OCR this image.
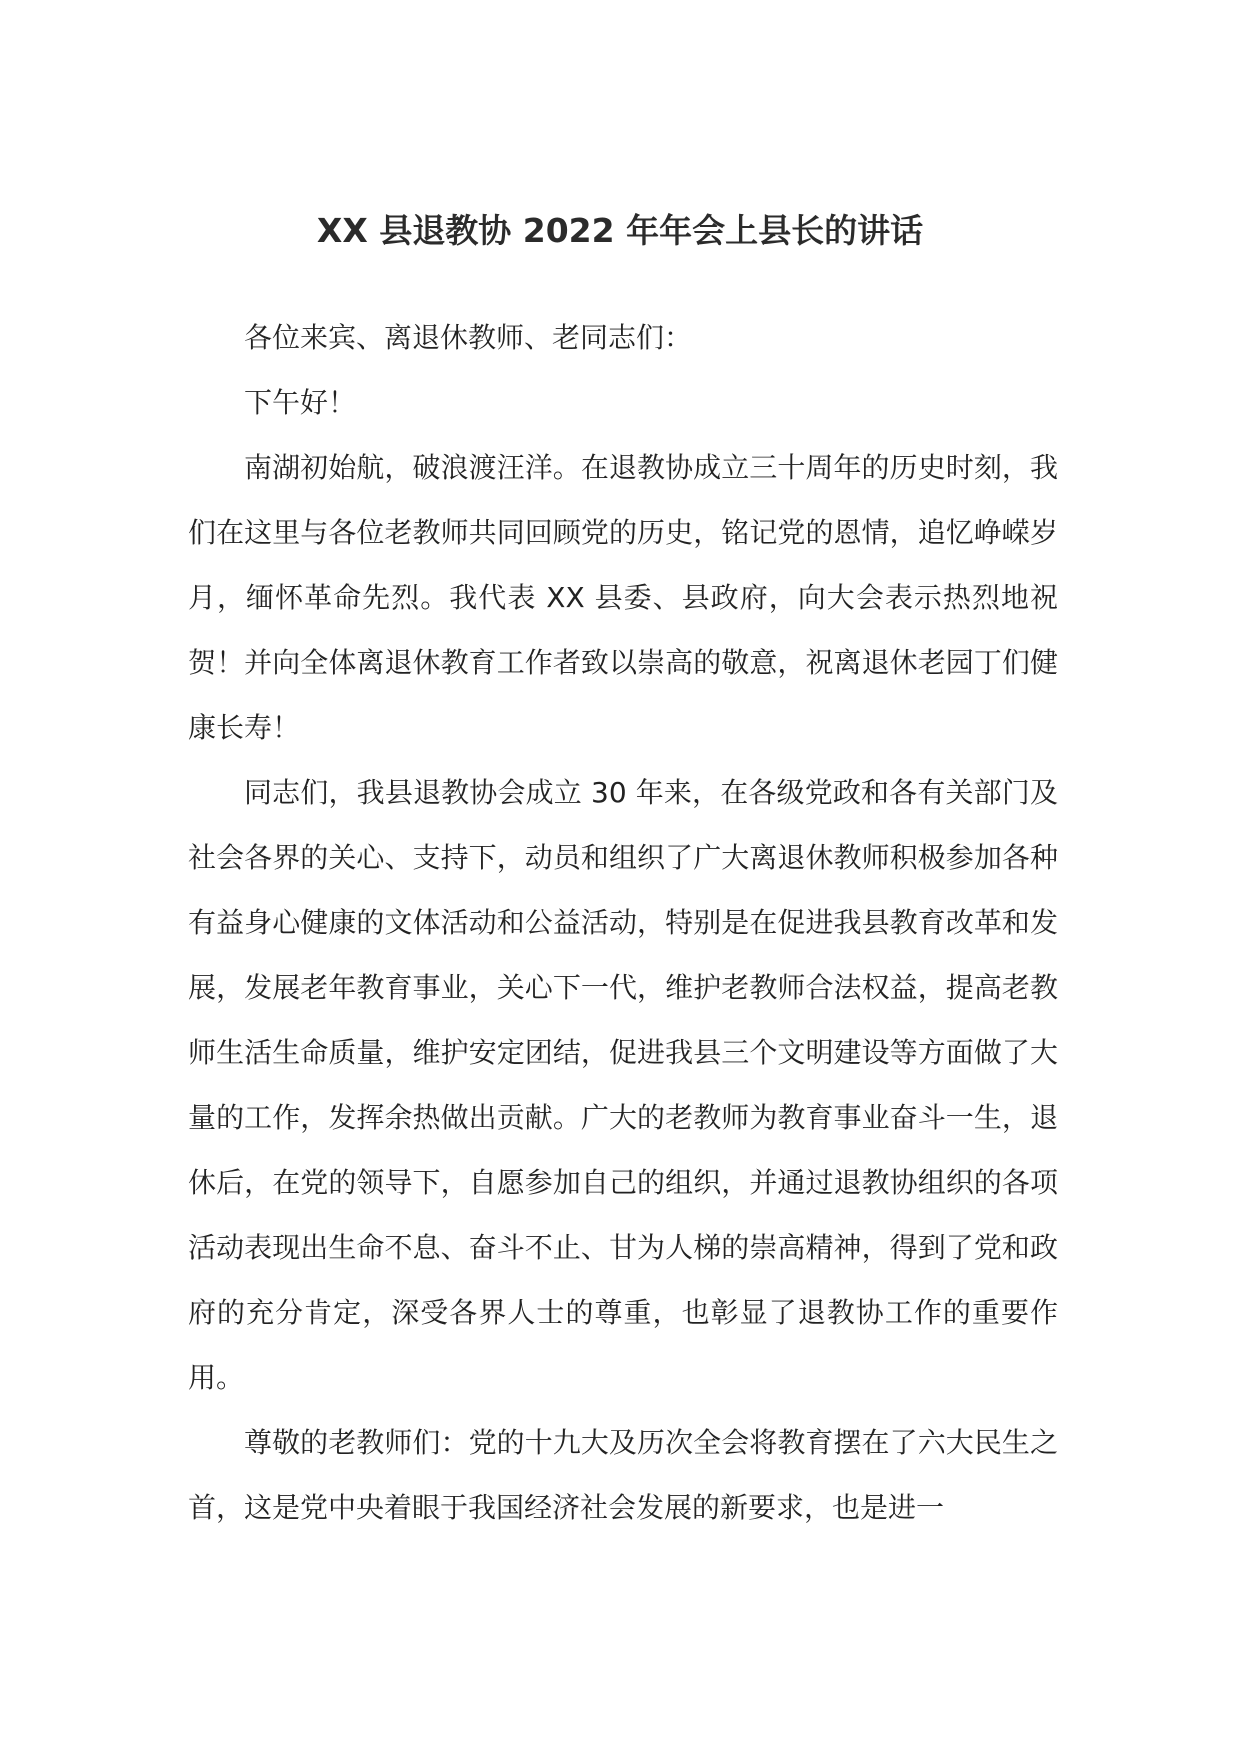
XX 县退教协 2022 年年会上县长的讲话

各位来宾、离退休教师、老同志们：

下午好！

南湖初始航，破浪渡汪洋。在退教协成立三十周年的历史时刻，我们在这里与各位老教师共同回顾党的历史，铭记党的恩情，追忆峥嵘岁月，缅怀革命先烈。我代表 XX 县委、县政府，向大会表示热烈地祝贺！并向全体离退休教育工作者致以崇高的敬意，祝离退休老园丁们健康长寿！

同志们，我县退教协会成立 30 年来，在各级党政和各有关部门及社会各界的关心、支持下，动员和组织了广大离退休教师积极参加各种有益身心健康的文体活动和公益活动，特别是在促进我县教育改革和发展，发展老年教育事业，关心下一代，维护老教师合法权益，提高老教师生活生命质量，维护安定团结，促进我县三个文明建设等方面做了大量的工作，发挥余热做出贡献。广大的老教师为教育事业奋斗一生，退休后，在党的领导下，自愿参加自己的组织，并通过退教协组织的各项活动表现出生命不息、奋斗不止、甘为人梯的崇高精神，得到了党和政府的充分肯定，深受各界人士的尊重，也彰显了退教协工作的重要作用。

尊敬的老教师们：党的十九大及历次全会将教育摆在了六大民生之首，这是党中央着眼于我国经济社会发展的新要求，也是进一
